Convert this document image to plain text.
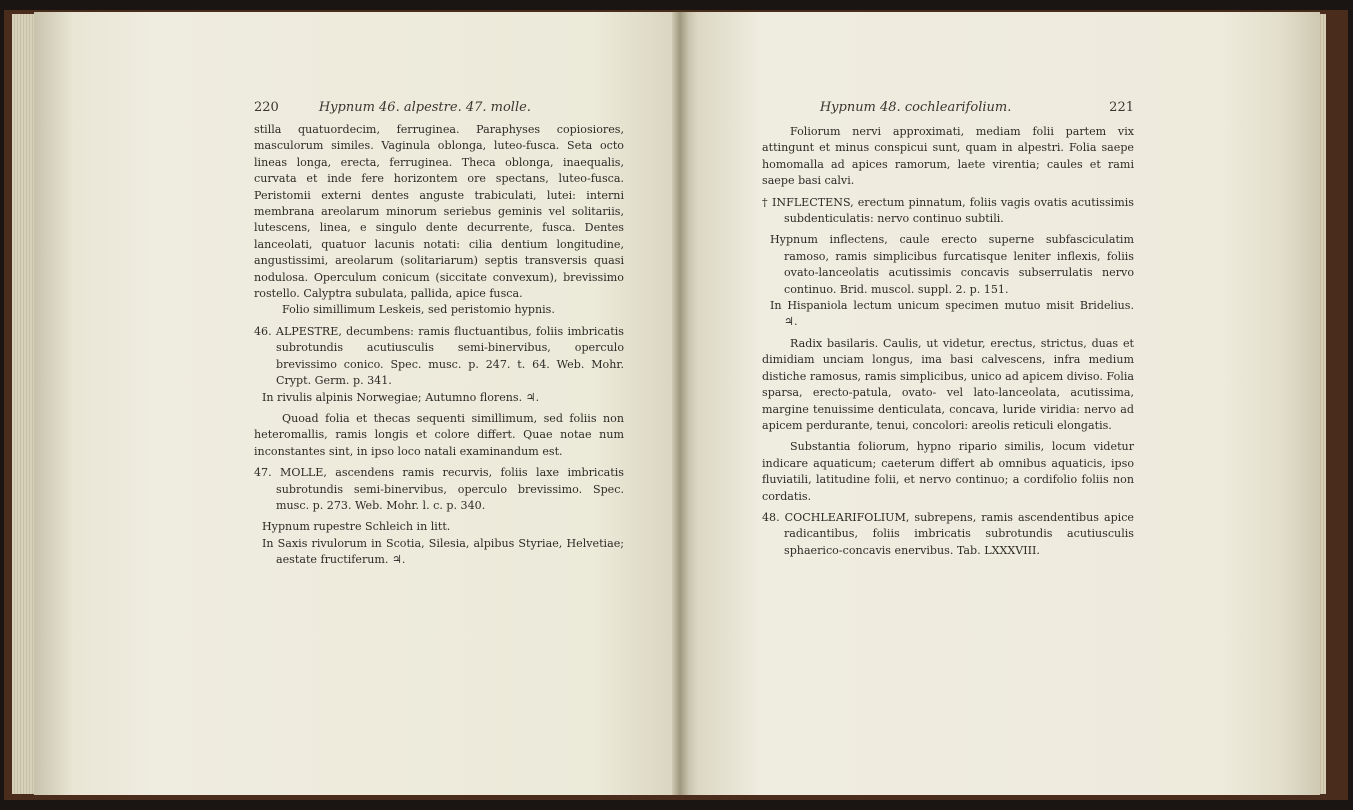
220	Hypnum 46. alpestre. 47. molle.

stilla quatuordecim, ferruginea. Paraphyses copiosiores, masculorum similes. Vaginula oblonga, luteo-fusca. Seta octo lineas longa, erecta, ferruginea. Theca oblonga, inaequalis, curvata et inde fere horizontem ore spectans, luteo-fusca. Peristomii externi dentes anguste trabiculati, lutei: interni membrana areolarum minorum seriebus geminis vel solitariis, lutescens, linea, e singulo dente decurrente, fusca. Dentes lanceolati, quatuor lacunis notati: cilia dentium longitudine, angustissimi, areolarum (solitariarum) septis transversis quasi nodulosa. Operculum conicum (siccitate convexum), brevissimo rostello. Calyptra subulata, pallida, apice fusca.

Folio simillimum Leskeis, sed peristomio hypnis.

46. ALPESTRE, decumbens: ramis fluctuantibus, foliis imbricatis subrotundis acutiusculis semi-binervibus, operculo brevissimo conico. Spec. musc. p. 247. t. 64. Web. Mohr. Crypt. Germ. p. 341.

In rivulis alpinis Norwegiae; Autumno florens. ♃.

Quoad folia et thecas sequenti simillimum, sed foliis non heteromallis, ramis longis et colore differt. Quae notae num inconstantes sint, in ipso loco natali examinandum est.

47. MOLLE, ascendens ramis recurvis, foliis laxe imbricatis subrotundis semi-binervibus, operculo brevissimo. Spec. musc. p. 273. Web. Mohr. l. c. p. 340.

Hypnum rupestre Schleich in litt.

In Saxis rivulorum in Scotia, Silesia, alpibus Styriae, Helvetiae; aestate fructiferum. ♃.

Hypnum 48. cochlearifolium.	221

Foliorum nervi approximati, mediam folii partem vix attingunt et minus conspicui sunt, quam in alpestri. Folia saepe homomalla ad apices ramorum, laete virentia; caules et rami saepe basi calvi.

† INFLECTENS, erectum pinnatum, foliis vagis ovatis acutissimis subdenticulatis: nervo continuo subtili.

Hypnum inflectens, caule erecto superne subfasciculatim ramoso, ramis simplicibus furcatisque leniter inflexis, foliis ovato-lanceolatis acutissimis concavis subserrulatis nervo continuo. Brid. muscol. suppl. 2. p. 151.

In Hispaniola lectum unicum specimen mutuo misit Bridelius. ♃.

Radix basilaris. Caulis, ut videtur, erectus, strictus, duas et dimidiam unciam longus, ima basi calvescens, infra medium distiche ramosus, ramis simplicibus, unico ad apicem diviso. Folia sparsa, erecto-patula, ovato- vel lato-lanceolata, acutissima, margine tenuissime denticulata, concava, luride viridia: nervo ad apicem perdurante, tenui, concolori: areolis reticuli elongatis.

Substantia foliorum, hypno ripario similis, locum videtur indicare aquaticum; caeterum differt ab omnibus aquaticis, ipso fluviatili, latitudine folii, et nervo continuo; a cordifolio foliis non cordatis.

48. COCHLEARIFOLIUM, subrepens, ramis ascendentibus apice radicantibus, foliis imbricatis subrotundis acutiusculis sphaerico-concavis enervibus. Tab. LXXXVIII.
